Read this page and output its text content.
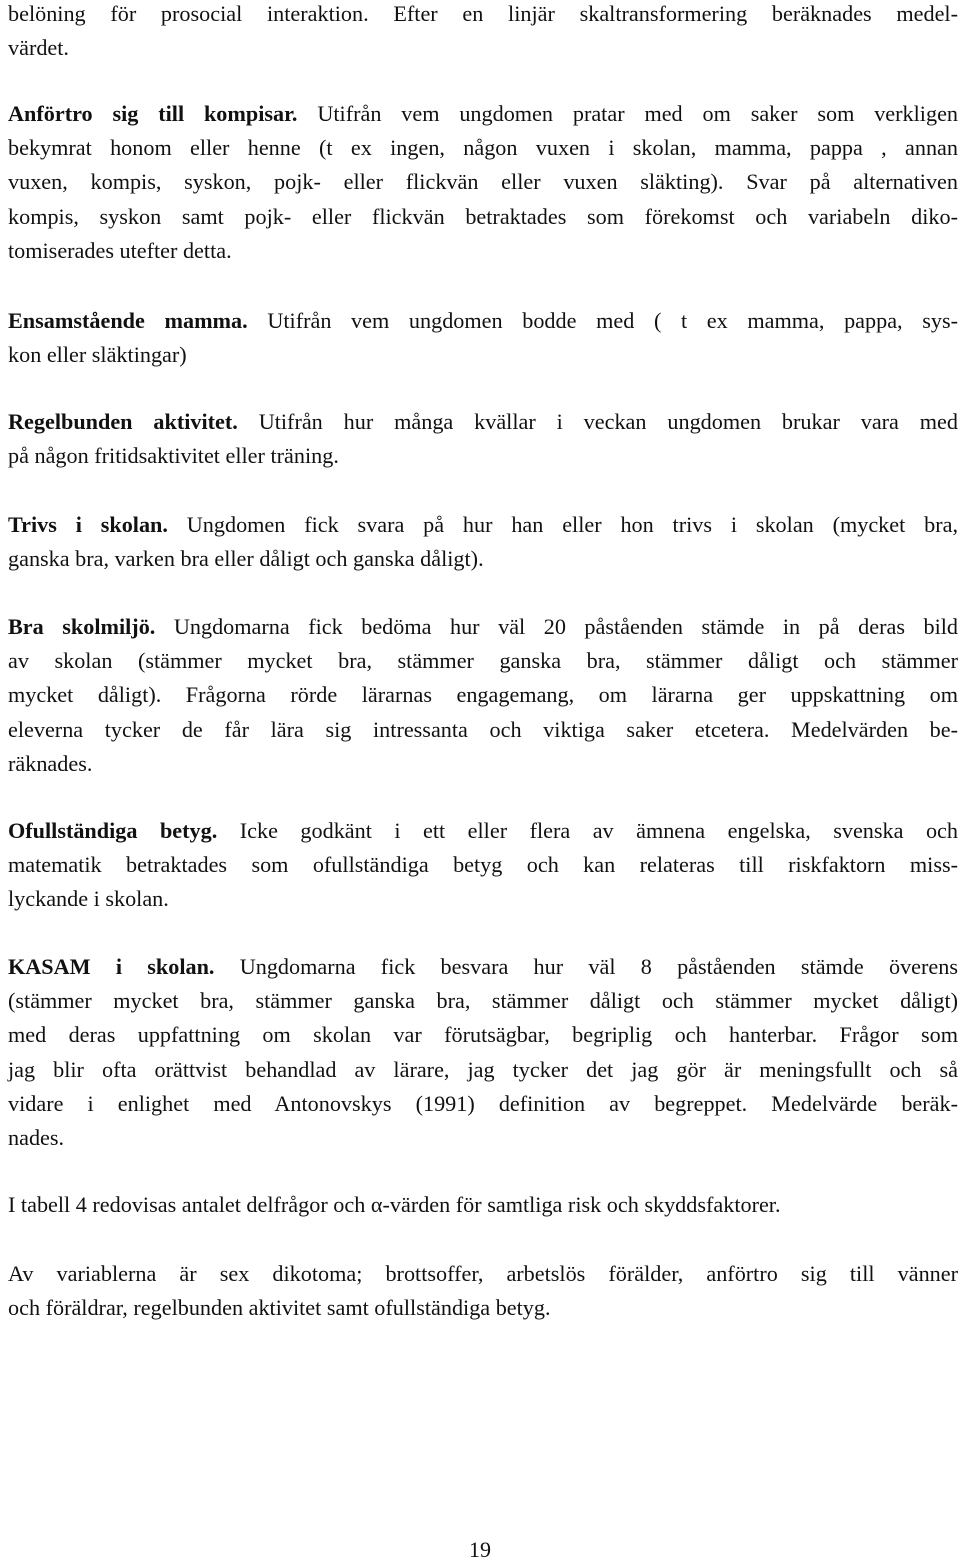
belöning för prosocial interaktion. Efter en linjär skaltransformering beräknades medel-
värdet.

Anförtro sig till kompisar. Utifrån vem ungdomen pratar med om saker som verkligen
bekymrat honom eller henne (t ex ingen, någon vuxen i skolan, mamma, pappa , annan
vuxen, kompis, syskon, pojk- eller flickvän eller vuxen släkting). Svar på alternativen
kompis, syskon samt pojk- eller flickvän betraktades som förekomst och variabeln diko-
tomiserades utefter detta.

Ensamstående mamma. Utifrån vem ungdomen bodde med ( t ex mamma, pappa, sys-
kon eller släktingar)

Regelbunden aktivitet. Utifrån hur många kvällar i veckan ungdomen brukar vara med
på någon fritidsaktivitet eller träning.

Trivs i skolan. Ungdomen fick svara på hur han eller hon trivs i skolan (mycket bra,
ganska bra, varken bra eller dåligt och ganska dåligt).

Bra skolmiljö. Ungdomarna fick bedöma hur väl 20 påståenden stämde in på deras bild
av skolan (stämmer mycket bra, stämmer ganska bra, stämmer dåligt och stämmer
mycket dåligt). Frågorna rörde lärarnas engagemang, om lärarna ger uppskattning om
eleverna tycker de får lära sig intressanta och viktiga saker etcetera. Medelvärden be-
räknades.

Ofullständiga betyg. Icke godkänt i ett eller flera av ämnena engelska, svenska och
matematik betraktades som ofullständiga betyg och kan relateras till riskfaktorn miss-
lyckande i skolan.

KASAM i skolan. Ungdomarna fick besvara hur väl 8 påståenden stämde överens
(stämmer mycket bra, stämmer ganska bra, stämmer dåligt och stämmer mycket dåligt)
med deras uppfattning om skolan var förutsägbar, begriplig och hanterbar. Frågor som
jag blir ofta orättvist behandlad av lärare, jag tycker det jag gör är meningsfullt och så
vidare i enlighet med Antonovskys (1991) definition av begreppet. Medelvärde beräk-
nades.

I tabell 4 redovisas antalet delfrågor och α-värden för samtliga risk och skyddsfaktorer.

Av variablerna är sex dikotoma; brottsoffer, arbetslös förälder, anförtro sig till vänner
och föräldrar, regelbunden aktivitet samt ofullständiga betyg.

19
